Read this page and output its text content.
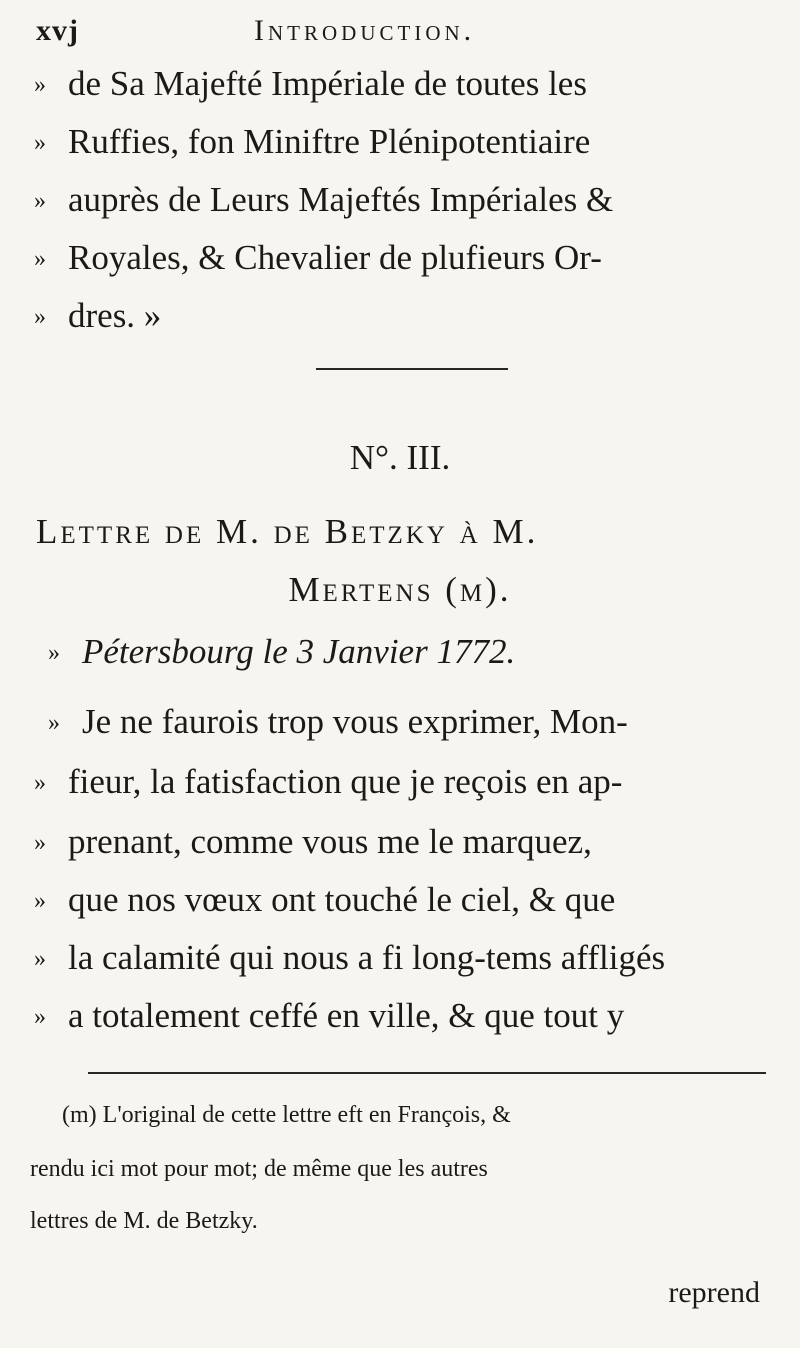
xvj	Introduction.
» de Sa Majefté Impériale de toutes les
» Ruffies, fon Miniftre Plénipotentiaire
» auprès de Leurs Majeftés Impériales &
» Royales, & Chevalier de plufieurs Or-
» dres. »
N°. III.
Lettre de M. de Betzky à M.
Mertens (m).
» Pétersbourg le 3 Janvier 1772.
» Je ne faurois trop vous exprimer, Mon-
» fieur, la fatisfaction que je reçois en ap-
» prenant, comme vous me le marquez,
» que nos vœux ont touché le ciel, & que
» la calamité qui nous a fi long-tems affligés
» a totalement ceffé en ville, & que tout y
(m) L'original de cette lettre eft en François, &
rendu ici mot pour mot; de même que les autres
lettres de M. de Betzky.
reprend
